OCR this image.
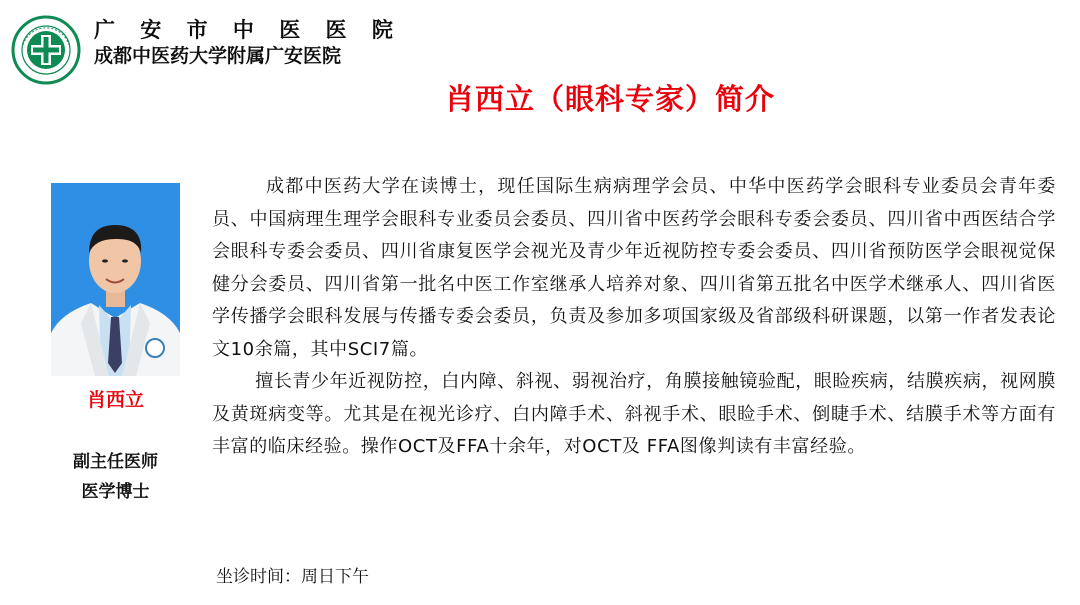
广 安 市 中 医 医 院
成都中医药大学附属广安医院
肖西立（眼科专家）简介
肖西立
副主任医师
医学博士

成都中医药大学在读博士，现任国际生病病理学会员、中华中医药学会眼科专业委员会青年委员、中国病理生理学会眼科专业委员会委员、四川省中医药学会眼科专委会委员、四川省中西医结合学会眼科专委会委员、四川省康复医学会视光及青少年近视防控专委会委员、四川省预防医学会眼视觉保健分会委员、四川省第一批名中医工作室继承人培养对象、四川省第五批名中医学术继承人、四川省医学传播学会眼科发展与传播专委会委员，负责及参加多项国家级及省部级科研课题，以第一作者发表论文10余篇，其中SCI7篇。

擅长青少年近视防控，白内障、斜视、弱视治疗，角膜接触镜验配，眼睑疾病，结膜疾病，视网膜及黄斑病变等。尤其是在视光诊疗、白内障手术、斜视手术、眼睑手术、倒睫手术、结膜手术等方面有丰富的临床经验。操作OCT及FFA十余年，对OCT及 FFA图像判读有丰富经验。

坐诊时间：周日下午
